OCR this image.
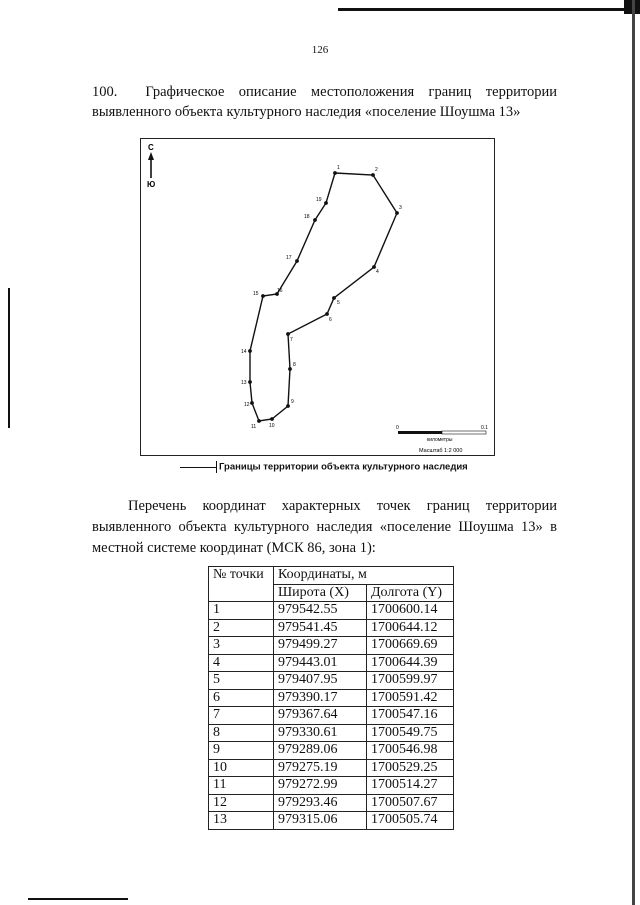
126
100. Графическое описание местоположения границ территории выявленного объекта культурного наследия «поселение Шоушма 13»
С
Ю
1	2
3
4
5
6
7
8
9
10
11
12
13
14
15	16
17
18
19
0	0.1
километры
Масштаб 1:2 000
Границы территории объекта культурного наследия
Перечень координат характерных точек границ территории выявленного объекта культурного наследия «поселение Шоушма 13» в местной системе координат (МСК 86, зона 1):
№ точки	Координаты, м	
	Широта (X)	Долгота (Y)
1	979542.55	1700600.14
2	979541.45	1700644.12
3	979499.27	1700669.69
4	979443.01	1700644.39
5	979407.95	1700599.97
6	979390.17	1700591.42
7	979367.64	1700547.16
8	979330.61	1700549.75
9	979289.06	1700546.98
10	979275.19	1700529.25
11	979272.99	1700514.27
12	979293.46	1700507.67
13	979315.06	1700505.74
